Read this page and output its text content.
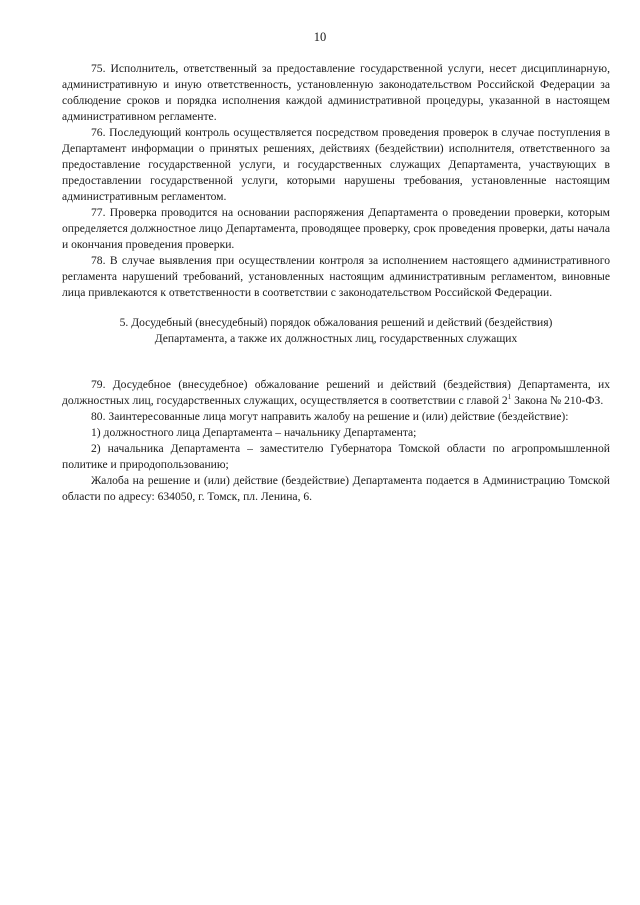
10

75. Исполнитель, ответственный за предоставление государственной услуги, несет дисциплинарную, административную и иную ответственность, установленную законодательством Российской Федерации за соблюдение сроков и порядка исполнения каждой административной процедуры, указанной в настоящем административном регламенте.

76. Последующий контроль осуществляется посредством проведения проверок в случае поступления в Департамент информации о принятых решениях, действиях (бездействии) исполнителя, ответственного за предоставление государственной услуги, и государственных служащих Департамента, участвующих в предоставлении государственной услуги, которыми нарушены требования, установленные настоящим административным регламентом.

77. Проверка проводится на основании распоряжения Департамента о проведении проверки, которым определяется должностное лицо Департамента, проводящее проверку, срок проведения проверки, даты начала и окончания проведения проверки.

78. В случае выявления при осуществлении контроля за исполнением настоящего административного регламента нарушений требований, установленных настоящим административным регламентом, виновные лица привлекаются к ответственности в соответствии с законодательством Российской Федерации.

5. Досудебный (внесудебный) порядок обжалования решений и действий (бездействия)
Департамента, а также их должностных лиц, государственных служащих

79. Досудебное (внесудебное) обжалование решений и действий (бездействия) Департамента, их должностных лиц, государственных служащих, осуществляется в соответствии с главой $2^1$ Закона № 210-ФЗ.

80. Заинтересованные лица могут направить жалобу на решение и (или) действие (бездействие):

1) должностного лица Департамента – начальнику Департамента;

2) начальника Департамента – заместителю Губернатора Томской области по агропромышленной политике и природопользованию;

Жалоба на решение и (или) действие (бездействие) Департамента подается в Администрацию Томской области по адресу: 634050, г. Томск, пл. Ленина, 6.
